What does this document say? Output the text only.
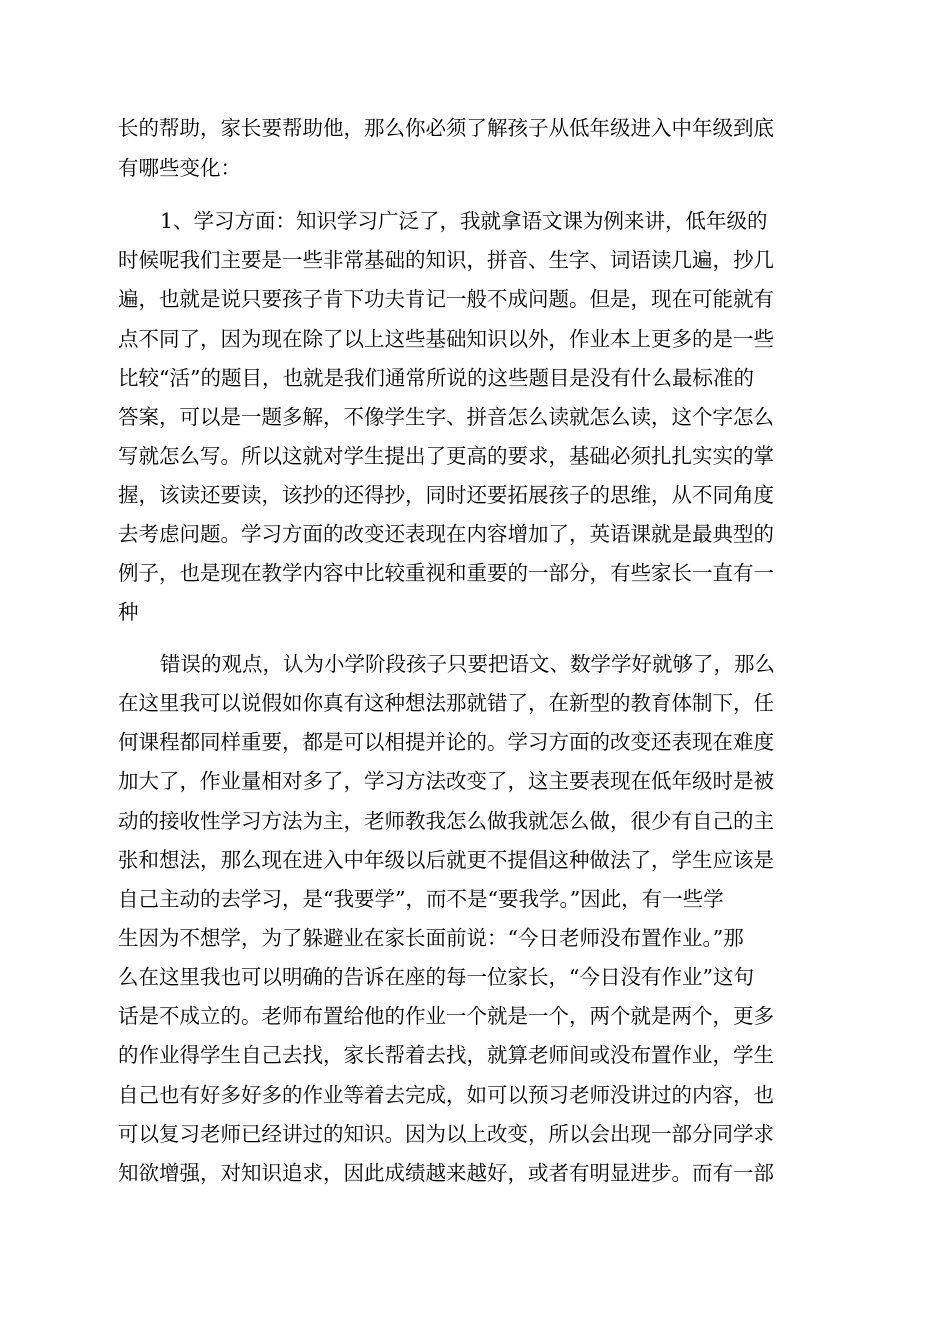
长的帮助，家长要帮助他，那么你必须了解孩子从低年级进入中年级到底
有哪些变化：
1、学习方面：知识学习广泛了，我就拿语文课为例来讲，低年级的
时候呢我们主要是一些非常基础的知识，拼音、生字、词语读几遍，抄几
遍，也就是说只要孩子肯下功夫肯记一般不成问题。但是，现在可能就有
点不同了，因为现在除了以上这些基础知识以外，作业本上更多的是一些
比较“活”的题目，也就是我们通常所说的这些题目是没有什么最标准的
答案，可以是一题多解，不像学生字、拼音怎么读就怎么读，这个字怎么
写就怎么写。所以这就对学生提出了更高的要求，基础必须扎扎实实的掌
握，该读还要读，该抄的还得抄，同时还要拓展孩子的思维，从不同角度
去考虑问题。学习方面的改变还表现在内容增加了，英语课就是最典型的
例子，也是现在教学内容中比较重视和重要的一部分，有些家长一直有一
种
错误的观点，认为小学阶段孩子只要把语文、数学学好就够了，那么
在这里我可以说假如你真有这种想法那就错了，在新型的教育体制下，任
何课程都同样重要，都是可以相提并论的。学习方面的改变还表现在难度
加大了，作业量相对多了，学习方法改变了，这主要表现在低年级时是被
动的接收性学习方法为主，老师教我怎么做我就怎么做，很少有自己的主
张和想法，那么现在进入中年级以后就更不提倡这种做法了，学生应该是
自己主动的去学习，是“我要学”，而不是“要我学。”因此，有一些学
生因为不想学，为了躲避业在家长面前说：“今日老师没布置作业。”那
么在这里我也可以明确的告诉在座的每一位家长，“今日没有作业”这句
话是不成立的。老师布置给他的作业一个就是一个，两个就是两个，更多
的作业得学生自己去找，家长帮着去找，就算老师间或没布置作业，学生
自己也有好多好多的作业等着去完成，如可以预习老师没讲过的内容，也
可以复习老师已经讲过的知识。因为以上改变，所以会出现一部分同学求
知欲增强，对知识追求，因此成绩越来越好，或者有明显进步。而有一部
